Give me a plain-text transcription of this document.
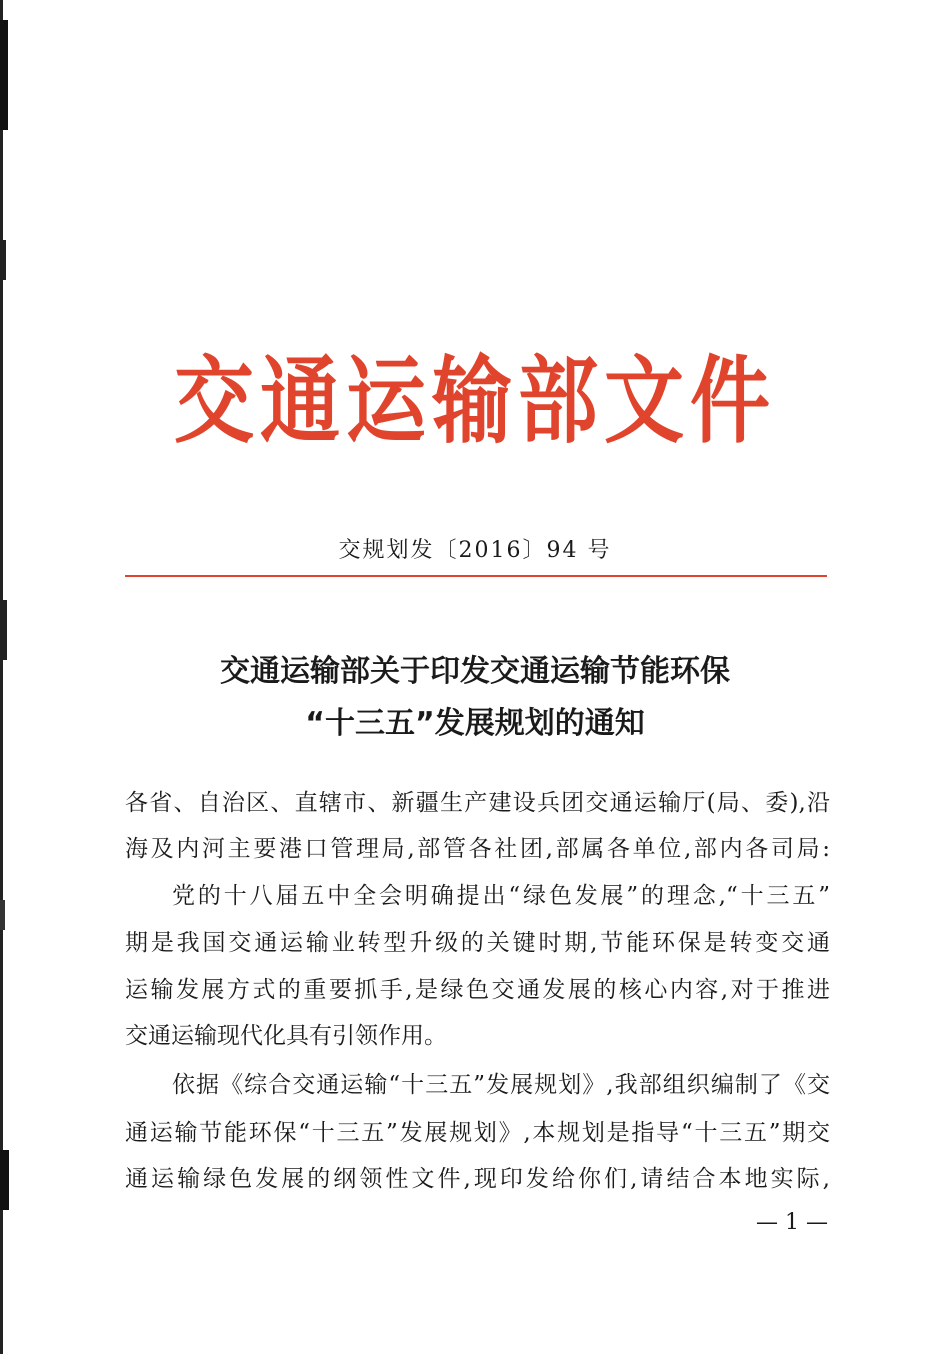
交通运输部文件
交规划发〔2016〕94 号
交通运输部关于印发交通运输节能环保
“十三五”发展规划的通知
各省、自治区、直辖市、新疆生产建设兵团交通运输厅(局、委),沿
海及内河主要港口管理局,部管各社团,部属各单位,部内各司局:
党的十八届五中全会明确提出“绿色发展”的理念,“十三五”
期是我国交通运输业转型升级的关键时期,节能环保是转变交通
运输发展方式的重要抓手,是绿色交通发展的核心内容,对于推进
交通运输现代化具有引领作用。
依据《综合交通运输“十三五”发展规划》,我部组织编制了《交
通运输节能环保“十三五”发展规划》,本规划是指导“十三五”期交
通运输绿色发展的纲领性文件,现印发给你们,请结合本地实际,
— 1 —
